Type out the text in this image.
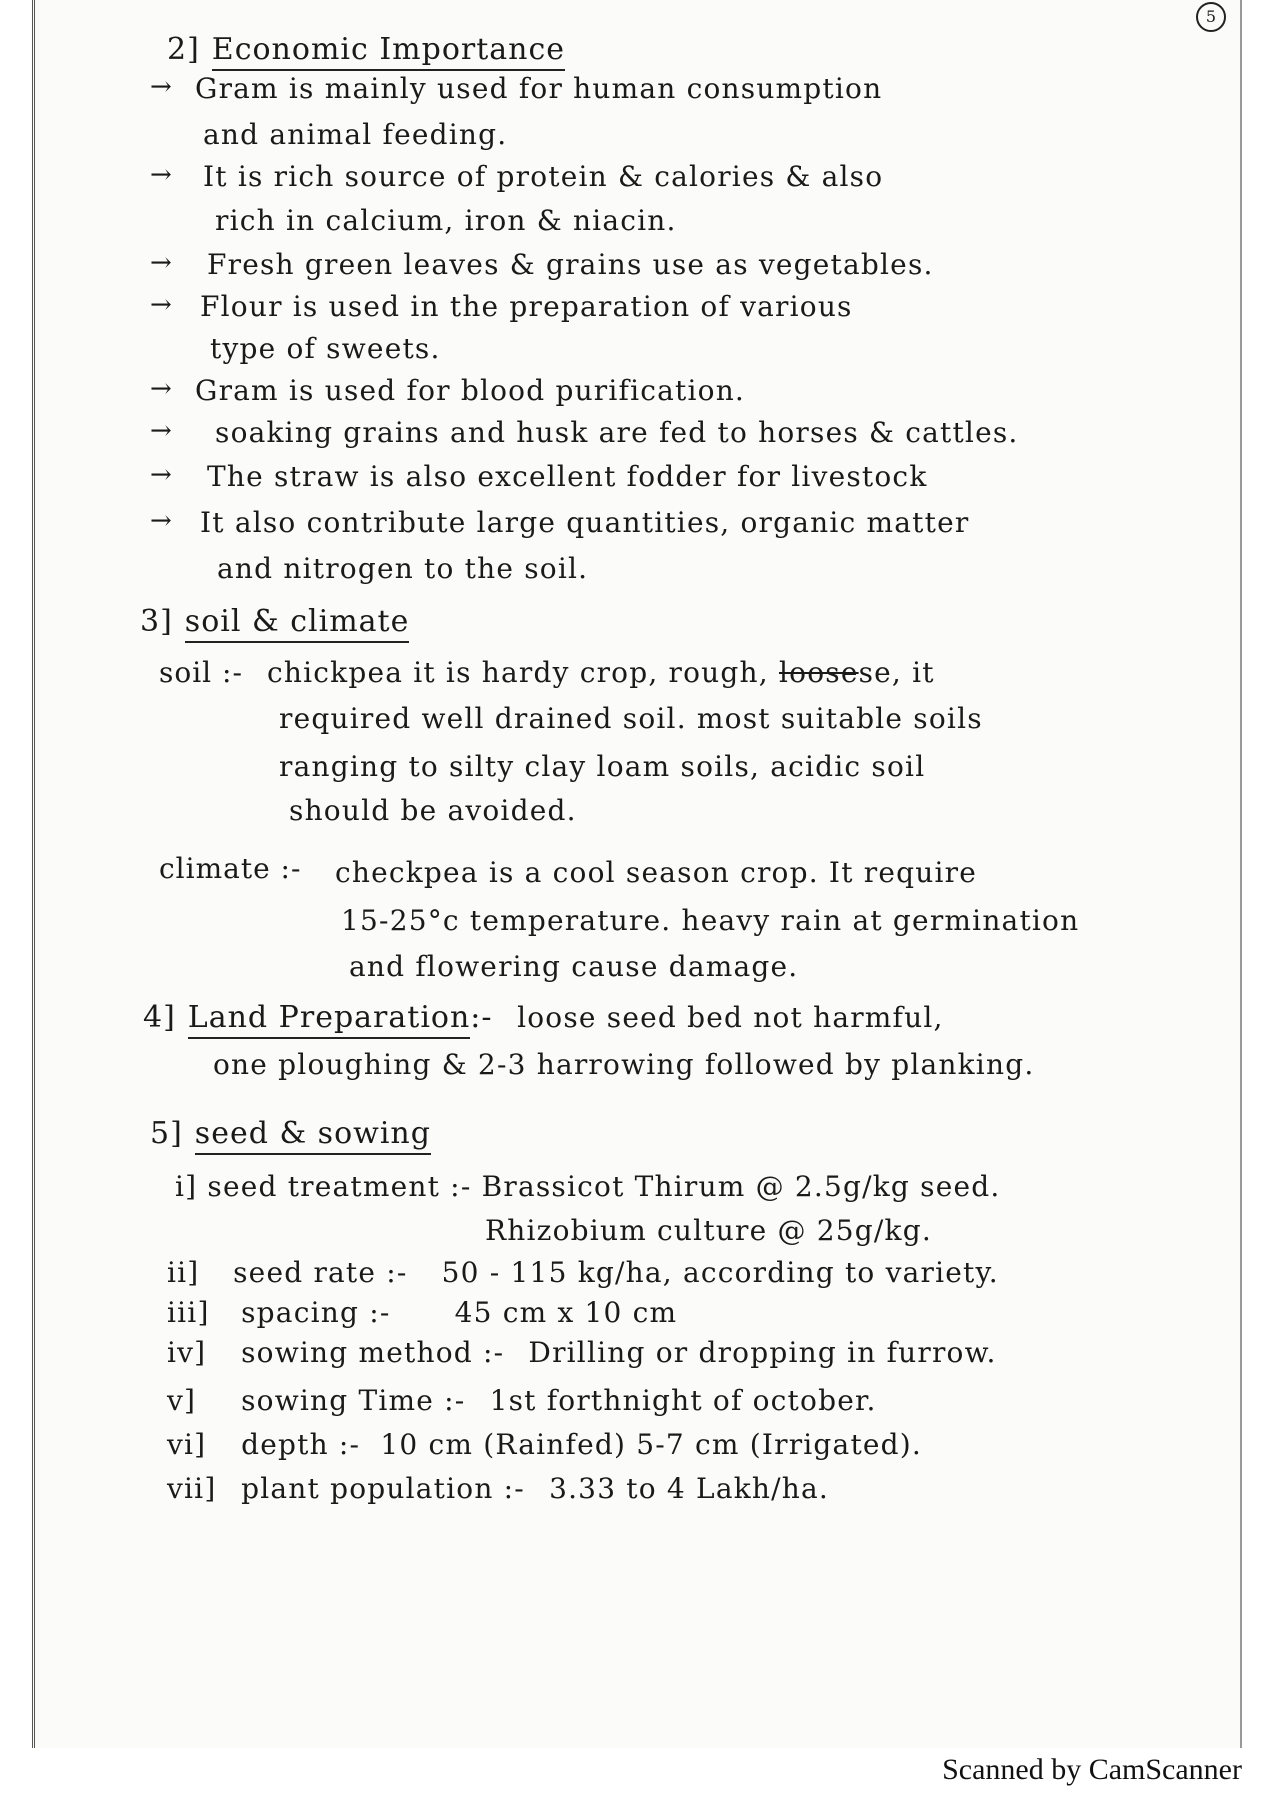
5
2] Economic Importance
→ Gram is mainly used for human consumption
and animal feeding.
→ It is rich source of protein & calories & also
rich in calcium, iron & niacin.
→ Fresh green leaves & grains use as vegetables.
→ Flour is used in the preparation of various
type of sweets.
→ Gram is used for blood purification.
→ soaking grains and husk are fed to horses & cattles.
→ The straw is also excellent fodder for livestock
→ It also contribute large quantities, organic matter
and nitrogen to the soil.
3] soil & climate
soil :- chickpea it is hardy crop, rough, loosese, it
required well drained soil. most suitable soils
ranging to silty clay loam soils, acidic soil
should be avoided.
climate :- checkpea is a cool season crop. It require
15-25°c temperature. heavy rain at germination
and flowering cause damage.
4] Land Preparation:- loose seed bed not harmful,
one ploughing & 2-3 harrowing followed by planking.
5] seed & sowing
i] seed treatment :- Brassicot Thirum @ 2.5g/kg seed.
Rhizobium culture @ 25g/kg.
ii] seed rate :- 50 - 115 kg/ha, according to variety.
iii] spacing :- 45 cm x 10 cm
iv] sowing method :- Drilling or dropping in furrow.
v] sowing Time :- 1st forthnight of october.
vi] depth :- 10 cm (Rainfed) 5-7 cm (Irrigated).
vii] plant population :- 3.33 to 4 Lakh/ha.
Scanned by CamScanner
